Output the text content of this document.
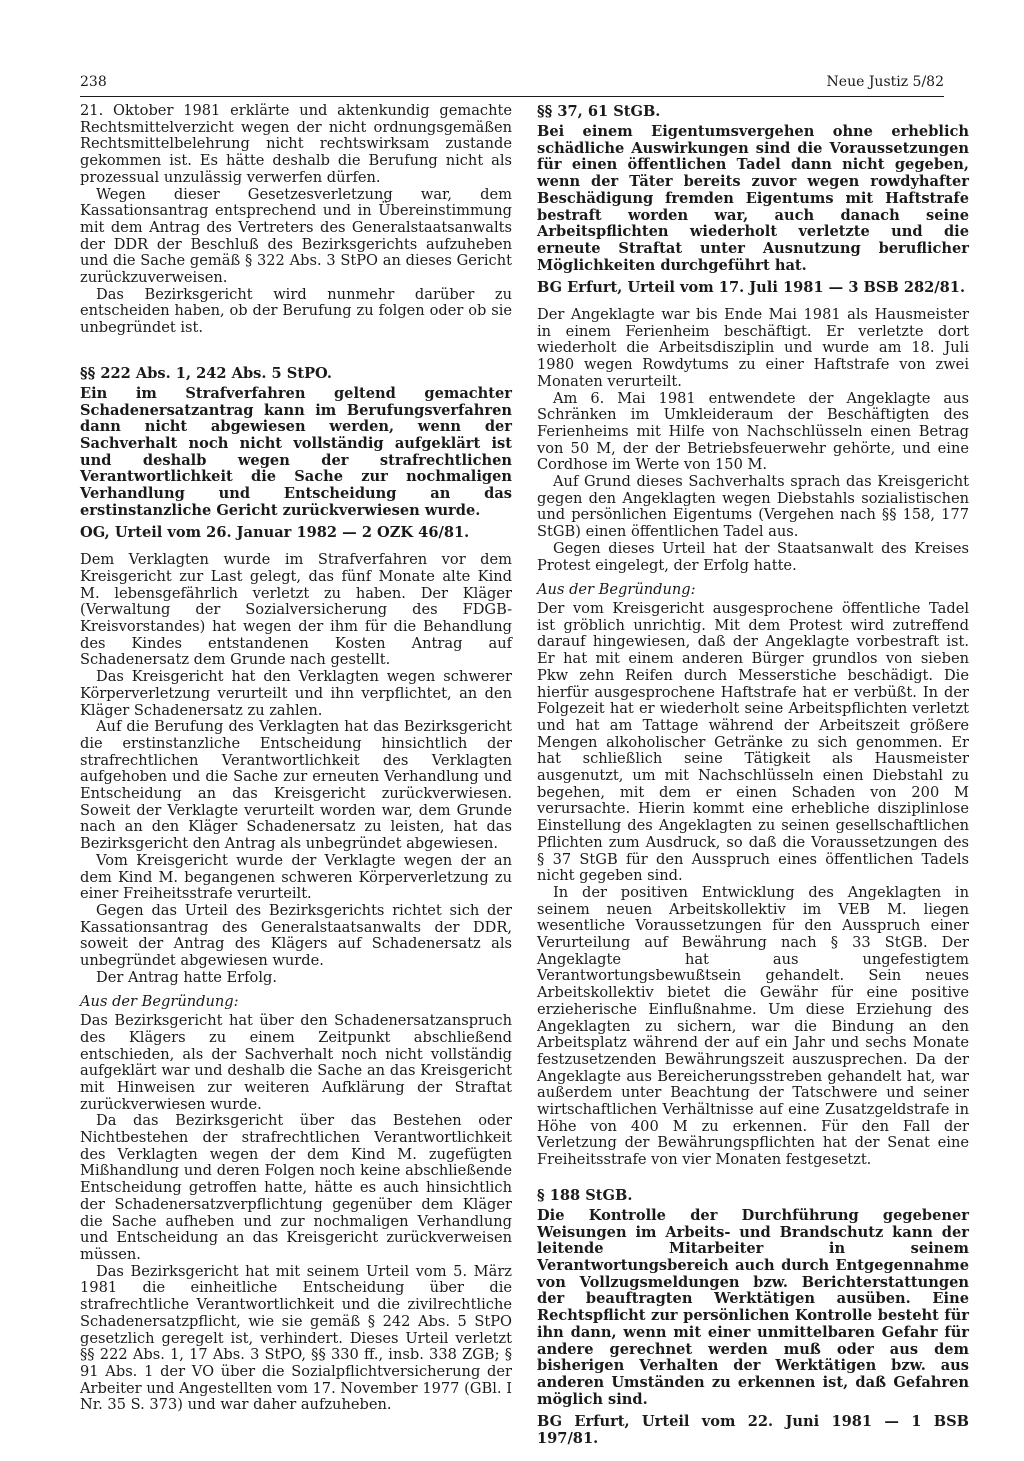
238	Neue Justiz 5/82

21. Oktober 1981 erklärte und aktenkundig gemachte Rechtsmittelverzicht wegen der nicht ordnungsgemäßen Rechtsmittelbelehrung nicht rechtswirksam zustande gekommen ist. Es hätte deshalb die Berufung nicht als prozessual unzulässig verwerfen dürfen.

Wegen dieser Gesetzesverletzung war, dem Kassationsantrag entsprechend und in Übereinstimmung mit dem Antrag des Vertreters des Generalstaatsanwalts der DDR der Beschluß des Bezirksgerichts aufzuheben und die Sache gemäß § 322 Abs. 3 StPO an dieses Gericht zurückzuverweisen.

Das Bezirksgericht wird nunmehr darüber zu entscheiden haben, ob der Berufung zu folgen oder ob sie unbegründet ist.

§§ 222 Abs. 1, 242 Abs. 5 StPO.

Ein im Strafverfahren geltend gemachter Schadenersatzantrag kann im Berufungsverfahren dann nicht abgewiesen werden, wenn der Sachverhalt noch nicht vollständig aufgeklärt ist und deshalb wegen der strafrechtlichen Verantwortlichkeit die Sache zur nochmaligen Verhandlung und Entscheidung an das erstinstanzliche Gericht zurückverwiesen wurde.

OG, Urteil vom 26. Januar 1982 — 2 OZK 46/81.

Dem Verklagten wurde im Strafverfahren vor dem Kreisgericht zur Last gelegt, das fünf Monate alte Kind M. lebensgefährlich verletzt zu haben. Der Kläger (Verwaltung der Sozialversicherung des FDGB-Kreisvorstandes) hat wegen der ihm für die Behandlung des Kindes entstandenen Kosten Antrag auf Schadenersatz dem Grunde nach gestellt.

Das Kreisgericht hat den Verklagten wegen schwerer Körperverletzung verurteilt und ihn verpflichtet, an den Kläger Schadenersatz zu zahlen.

Auf die Berufung des Verklagten hat das Bezirksgericht die erstinstanzliche Entscheidung hinsichtlich der strafrechtlichen Verantwortlichkeit des Verklagten aufgehoben und die Sache zur erneuten Verhandlung und Entscheidung an das Kreisgericht zurückverwiesen. Soweit der Verklagte verurteilt worden war, dem Grunde nach an den Kläger Schadenersatz zu leisten, hat das Bezirksgericht den Antrag als unbegründet abgewiesen.

Vom Kreisgericht wurde der Verklagte wegen der an dem Kind M. begangenen schweren Körperverletzung zu einer Freiheitsstrafe verurteilt.

Gegen das Urteil des Bezirksgerichts richtet sich der Kassationsantrag des Generalstaatsanwalts der DDR, soweit der Antrag des Klägers auf Schadenersatz als unbegründet abgewiesen wurde.

Der Antrag hatte Erfolg.

Aus der Begründung:

Das Bezirksgericht hat über den Schadenersatzanspruch des Klägers zu einem Zeitpunkt abschließend entschieden, als der Sachverhalt noch nicht vollständig aufgeklärt war und deshalb die Sache an das Kreisgericht mit Hinweisen zur weiteren Aufklärung der Straftat zurückverwiesen wurde.

Da das Bezirksgericht über das Bestehen oder Nichtbestehen der strafrechtlichen Verantwortlichkeit des Verklagten wegen der dem Kind M. zugefügten Mißhandlung und deren Folgen noch keine abschließende Entscheidung getroffen hatte, hätte es auch hinsichtlich der Schadenersatzverpflichtung gegenüber dem Kläger die Sache aufheben und zur nochmaligen Verhandlung und Entscheidung an das Kreisgericht zurückverweisen müssen.

Das Bezirksgericht hat mit seinem Urteil vom 5. März 1981 die einheitliche Entscheidung über die strafrechtliche Verantwortlichkeit und die zivilrechtliche Schadenersatzpflicht, wie sie gemäß § 242 Abs. 5 StPO gesetzlich geregelt ist, verhindert. Dieses Urteil verletzt §§ 222 Abs. 1, 17 Abs. 3 StPO, §§ 330 ff., insb. 338 ZGB; § 91 Abs. 1 der VO über die Sozialpflichtversicherung der Arbeiter und Angestellten vom 17. November 1977 (GBl. I Nr. 35 S. 373) und war daher aufzuheben.

§§ 37, 61 StGB.

Bei einem Eigentumsvergehen ohne erheblich schädliche Auswirkungen sind die Voraussetzungen für einen öffentlichen Tadel dann nicht gegeben, wenn der Täter bereits zuvor wegen rowdyhafter Beschädigung fremden Eigentums mit Haftstrafe bestraft worden war, auch danach seine Arbeitspflichten wiederholt verletzte und die erneute Straftat unter Ausnutzung beruflicher Möglichkeiten durchgeführt hat.

BG Erfurt, Urteil vom 17. Juli 1981 — 3 BSB 282/81.

Der Angeklagte war bis Ende Mai 1981 als Hausmeister in einem Ferienheim beschäftigt. Er verletzte dort wiederholt die Arbeitsdisziplin und wurde am 18. Juli 1980 wegen Rowdytums zu einer Haftstrafe von zwei Monaten verurteilt.

Am 6. Mai 1981 entwendete der Angeklagte aus Schränken im Umkleideraum der Beschäftigten des Ferienheims mit Hilfe von Nachschlüsseln einen Betrag von 50 M, der der Betriebsfeuerwehr gehörte, und eine Cordhose im Werte von 150 M.

Auf Grund dieses Sachverhalts sprach das Kreisgericht gegen den Angeklagten wegen Diebstahls sozialistischen und persönlichen Eigentums (Vergehen nach §§ 158, 177 StGB) einen öffentlichen Tadel aus.

Gegen dieses Urteil hat der Staatsanwalt des Kreises Protest eingelegt, der Erfolg hatte.

Aus der Begründung:

Der vom Kreisgericht ausgesprochene öffentliche Tadel ist gröblich unrichtig. Mit dem Protest wird zutreffend darauf hingewiesen, daß der Angeklagte vorbestraft ist. Er hat mit einem anderen Bürger grundlos von sieben Pkw zehn Reifen durch Messerstiche beschädigt. Die hierfür ausgesprochene Haftstrafe hat er verbüßt. In der Folgezeit hat er wiederholt seine Arbeitspflichten verletzt und hat am Tattage während der Arbeitszeit größere Mengen alkoholischer Getränke zu sich genommen. Er hat schließlich seine Tätigkeit als Hausmeister ausgenutzt, um mit Nachschlüsseln einen Diebstahl zu begehen, mit dem er einen Schaden von 200 M verursachte. Hierin kommt eine erhebliche disziplinlose Einstellung des Angeklagten zu seinen gesellschaftlichen Pflichten zum Ausdruck, so daß die Voraussetzungen des § 37 StGB für den Ausspruch eines öffentlichen Tadels nicht gegeben sind.

In der positiven Entwicklung des Angeklagten in seinem neuen Arbeitskollektiv im VEB M. liegen wesentliche Voraussetzungen für den Ausspruch einer Verurteilung auf Bewährung nach § 33 StGB. Der Angeklagte hat aus ungefestigtem Verantwortungsbewußtsein gehandelt. Sein neues Arbeitskollektiv bietet die Gewähr für eine positive erzieherische Einflußnahme. Um diese Erziehung des Angeklagten zu sichern, war die Bindung an den Arbeitsplatz während der auf ein Jahr und sechs Monate festzusetzenden Bewährungszeit auszusprechen. Da der Angeklagte aus Bereicherungsstreben gehandelt hat, war außerdem unter Beachtung der Tatschwere und seiner wirtschaftlichen Verhältnisse auf eine Zusatzgeldstrafe in Höhe von 400 M zu erkennen. Für den Fall der Verletzung der Bewährungspflichten hat der Senat eine Freiheitsstrafe von vier Monaten festgesetzt.

§ 188 StGB.

Die Kontrolle der Durchführung gegebener Weisungen im Arbeits- und Brandschutz kann der leitende Mitarbeiter in seinem Verantwortungsbereich auch durch Entgegennahme von Vollzugsmeldungen bzw. Berichterstattungen der beauftragten Werktätigen ausüben. Eine Rechtspflicht zur persönlichen Kontrolle besteht für ihn dann, wenn mit einer unmittelbaren Gefahr für andere gerechnet werden muß oder aus dem bisherigen Verhalten der Werktätigen bzw. aus anderen Umständen zu erkennen ist, daß Gefahren möglich sind.

BG Erfurt, Urteil vom 22. Juni 1981 — 1 BSB 197/81.
